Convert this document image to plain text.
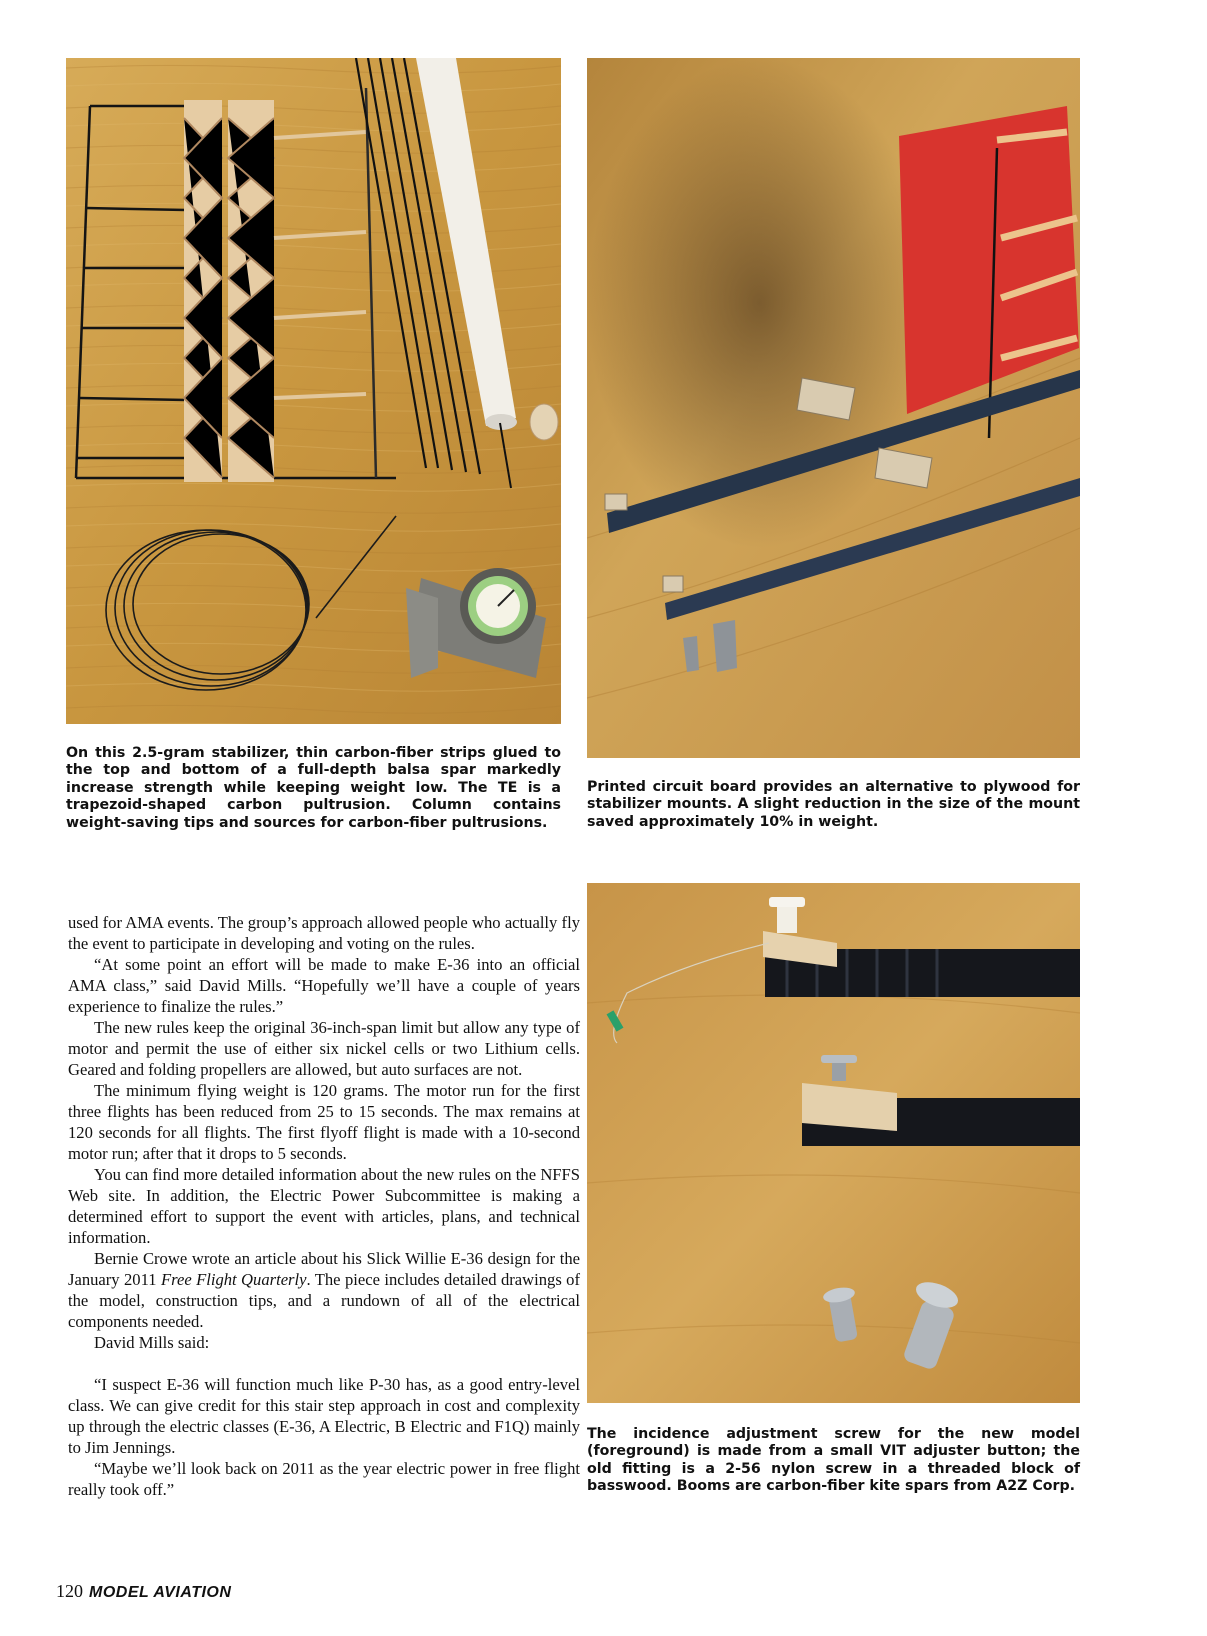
On this 2.5-gram stabilizer, thin carbon-fiber strips glued to the top and bottom of a full-depth balsa spar markedly increase strength while keeping weight low. The TE is a trapezoid-shaped carbon pultrusion. Column contains weight-saving tips and sources for carbon-fiber pultrusions.

Printed circuit board provides an alternative to plywood for stabilizer mounts. A slight reduction in the size of the mount saved approximately 10% in weight.

used for AMA events. The group’s approach allowed people who actually fly the event to participate in developing and voting on the rules.

“At some point an effort will be made to make E-36 into an official AMA class,” said David Mills. “Hopefully we’ll have a couple of years experience to finalize the rules.”

The new rules keep the original 36-inch-span limit but allow any type of motor and permit the use of either six nickel cells or two Lithium cells. Geared and folding propellers are allowed, but auto surfaces are not.

The minimum flying weight is 120 grams. The motor run for the first three flights has been reduced from 25 to 15 seconds. The max remains at 120 seconds for all flights. The first flyoff flight is made with a 10-second motor run; after that it drops to 5 seconds.

You can find more detailed information about the new rules on the NFFS Web site. In addition, the Electric Power Subcommittee is making a determined effort to support the event with articles, plans, and technical information.

Bernie Crowe wrote an article about his Slick Willie E-36 design for the January 2011 Free Flight Quarterly. The piece includes detailed drawings of the model, construction tips, and a rundown of all of the electrical components needed.

David Mills said:

“I suspect E-36 will function much like P-30 has, as a good entry-level class. We can give credit for this stair step approach in cost and complexity up through the electric classes (E-36, A Electric, B Electric and F1Q) mainly to Jim Jennings.

“Maybe we’ll look back on 2011 as the year electric power in free flight really took off.”

The incidence adjustment screw for the new model (foreground) is made from a small VIT adjuster button; the old fitting is a 2-56 nylon screw in a threaded block of basswood. Booms are carbon-fiber kite spars from A2Z Corp.

120 MODEL AVIATION
